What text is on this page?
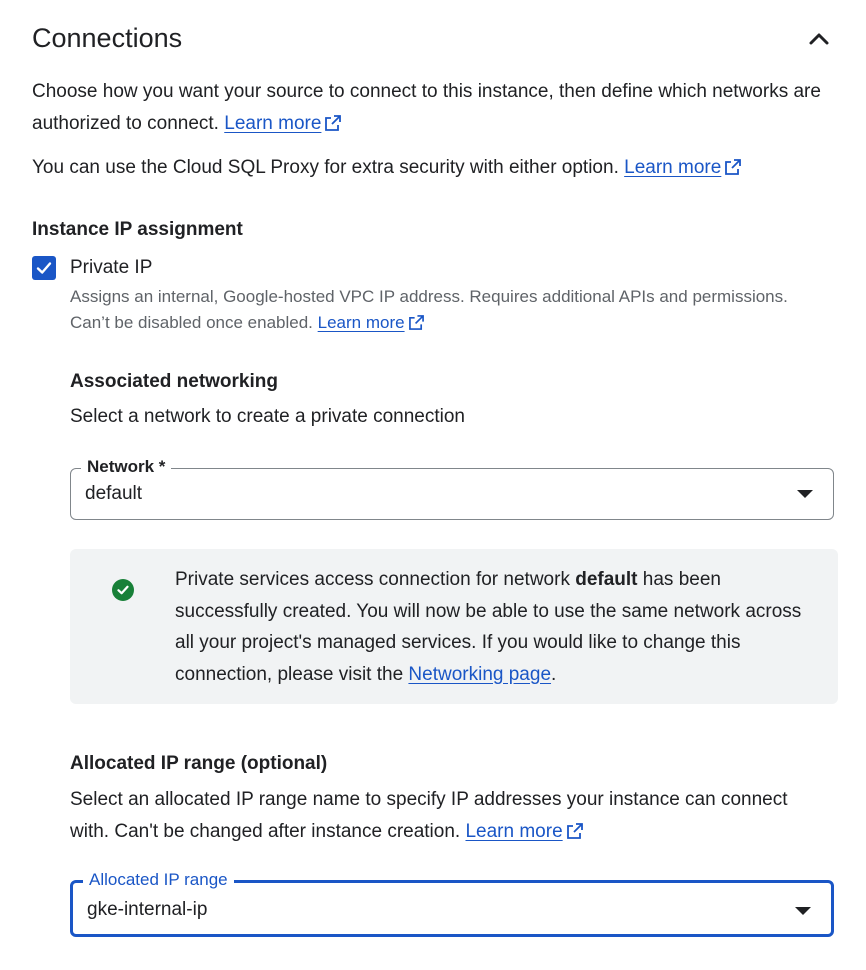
Connections
Choose how you want your source to connect to this instance, then define which networks are authorized to connect. Learn more
You can use the Cloud SQL Proxy for extra security with either option. Learn more
Instance IP assignment
Private IP
Assigns an internal, Google-hosted VPC IP address. Requires additional APIs and permissions. Can’t be disabled once enabled. Learn more
Associated networking
Select a network to create a private connection
Network *
default
Private services access connection for network default has been successfully created. You will now be able to use the same network across all your project's managed services. If you would like to change this connection, please visit the Networking page.
Allocated IP range (optional)
Select an allocated IP range name to specify IP addresses your instance can connect with. Can't be changed after instance creation. Learn more
Allocated IP range
gke-internal-ip
